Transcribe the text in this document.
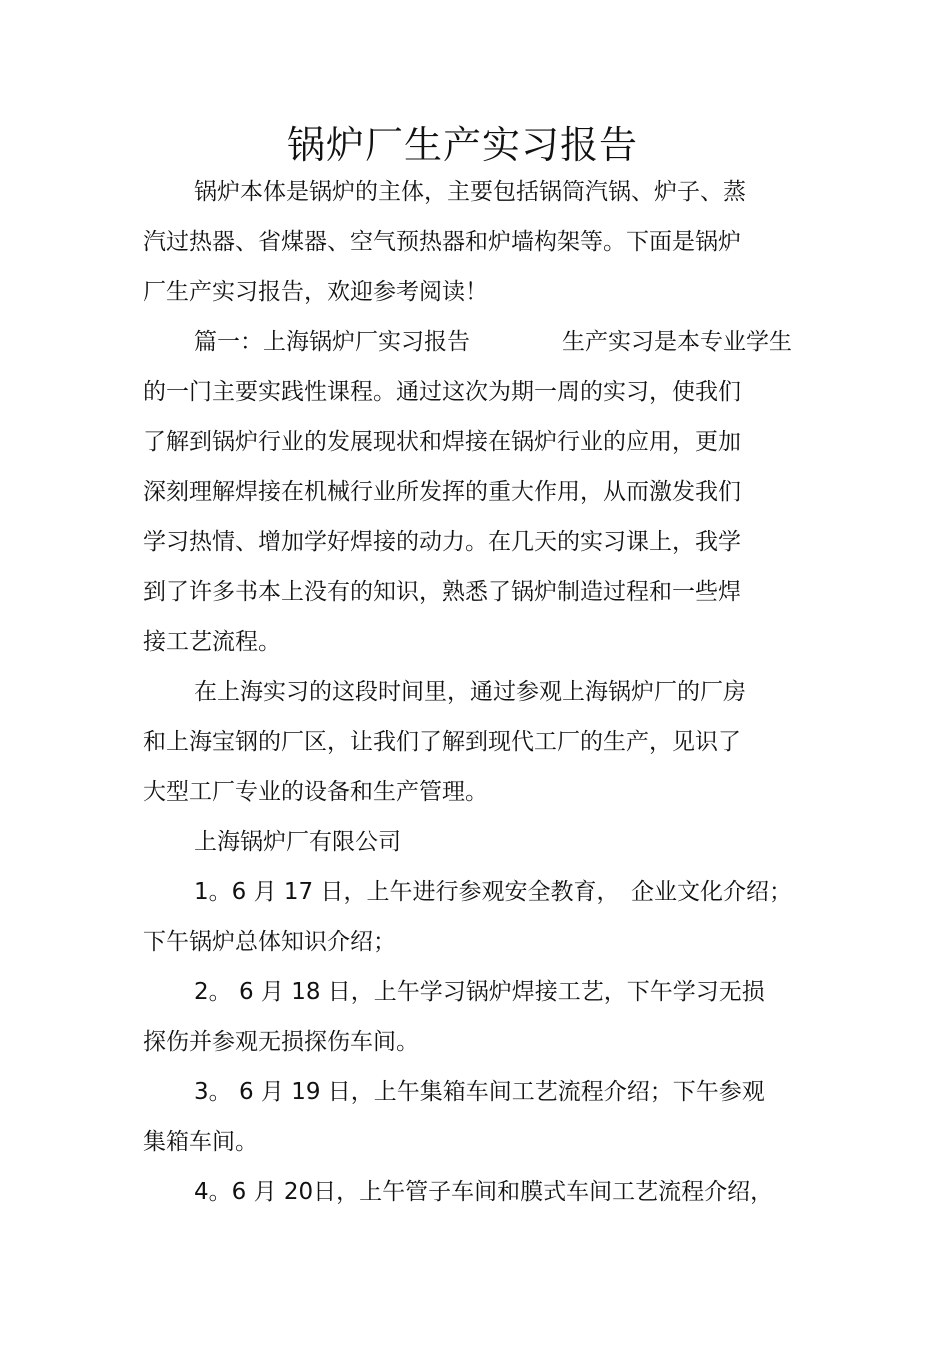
锅炉厂生产实习报告
锅炉本体是锅炉的主体，主要包括锅筒汽锅、炉子、蒸
汽过热器、省煤器、空气预热器和炉墙构架等。下面是锅炉
厂生产实习报告，欢迎参考阅读！
篇一：上海锅炉厂实习报告　　　　生产实习是本专业学生
的一门主要实践性课程。通过这次为期一周的实习，使我们
了解到锅炉行业的发展现状和焊接在锅炉行业的应用，更加
深刻理解焊接在机械行业所发挥的重大作用，从而激发我们
学习热情、增加学好焊接的动力。在几天的实习课上，我学
到了许多书本上没有的知识，熟悉了锅炉制造过程和一些焊
接工艺流程。
在上海实习的这段时间里，通过参观上海锅炉厂的厂房
和上海宝钢的厂区，让我们了解到现代工厂的生产，见识了
大型工厂专业的设备和生产管理。
上海锅炉厂有限公司
1。6 月 17 日，上午进行参观安全教育，　企业文化介绍；
下午锅炉总体知识介绍；
2。 6 月 18 日，上午学习锅炉焊接工艺，下午学习无损
探伤并参观无损探伤车间。
3。 6 月 19 日，上午集箱车间工艺流程介绍；下午参观
集箱车间。
4。6 月 20日，上午管子车间和膜式车间工艺流程介绍，
